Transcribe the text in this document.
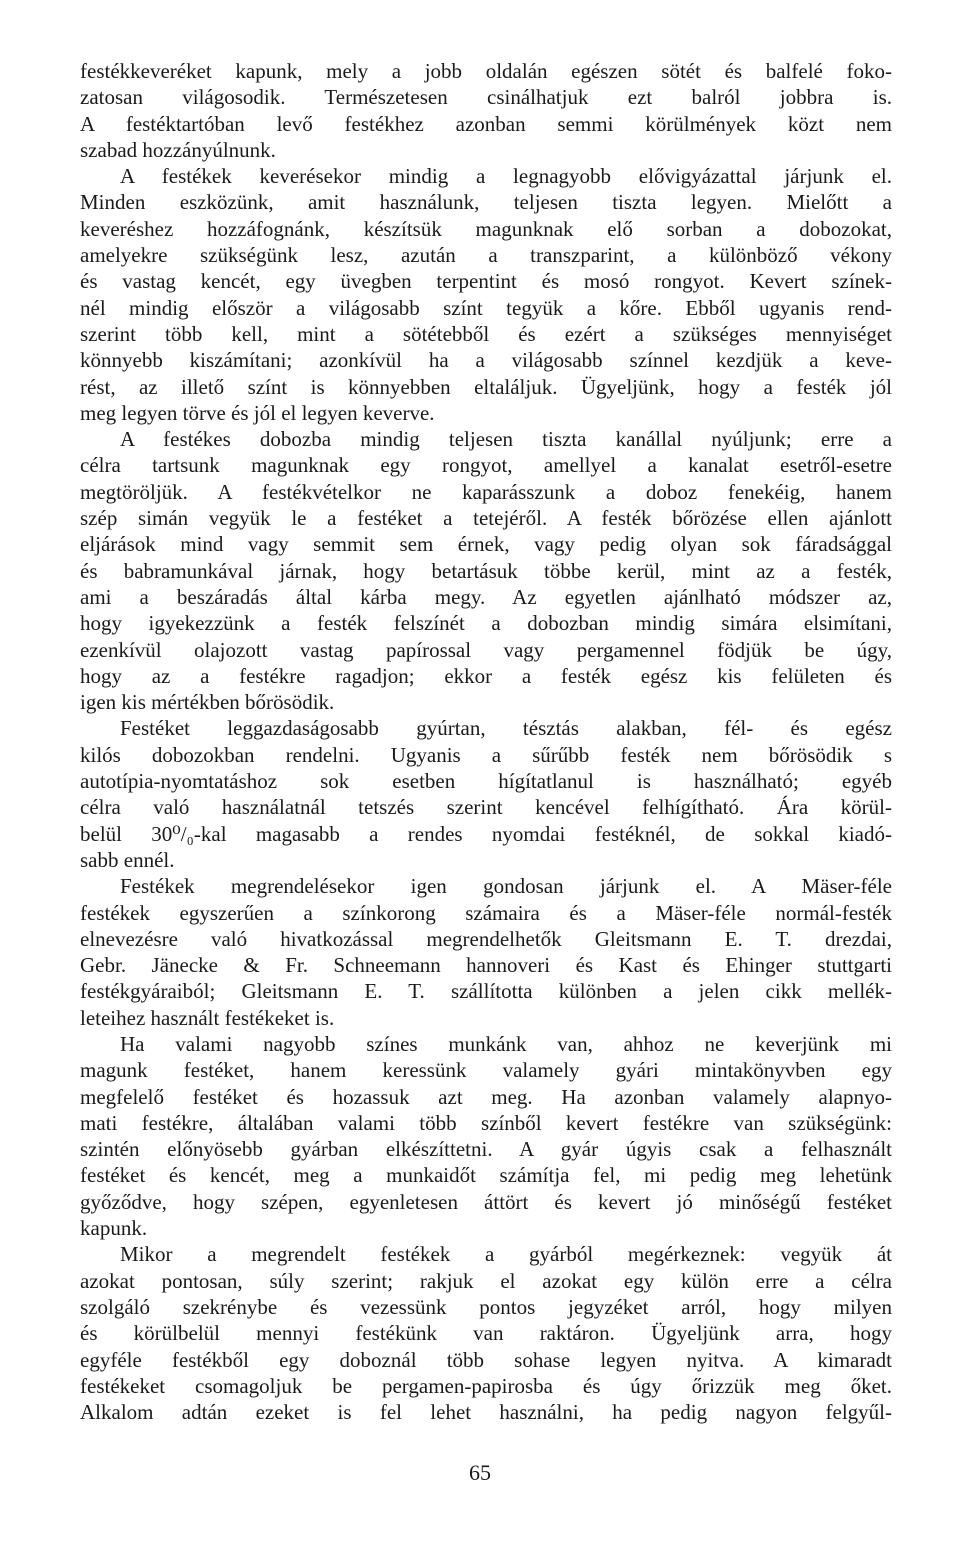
festékkeveréket kapunk, mely a jobb oldalán egészen sötét és balfelé foko-
zatosan világosodik. Természetesen csinálhatjuk ezt balról jobbra is.
A festéktartóban levő festékhez azonban semmi körülmények közt nem
szabad hozzányúlnunk.
A festékek keverésekor mindig a legnagyobb elővigyázattal járjunk el.
Minden eszközünk, amit használunk, teljesen tiszta legyen. Mielőtt a
keveréshez hozzáfognánk, készítsük magunknak elő sorban a dobozokat,
amelyekre szükségünk lesz, azután a transzparint, a különböző vékony
és vastag kencét, egy üvegben terpentint és mosó rongyot. Kevert színek-
nél mindig először a világosabb színt tegyük a kőre. Ebből ugyanis rend-
szerint több kell, mint a sötétebből és ezért a szükséges mennyiséget
könnyebb kiszámítani; azonkívül ha a világosabb színnel kezdjük a keve-
rést, az illető színt is könnyebben eltaláljuk. Ügyeljünk, hogy a festék jól
meg legyen törve és jól el legyen keverve.
A festékes dobozba mindig teljesen tiszta kanállal nyúljunk; erre a
célra tartsunk magunknak egy rongyot, amellyel a kanalat esetről-esetre
megtöröljük. A festékvételkor ne kaparásszunk a doboz fenekéig, hanem
szép simán vegyük le a festéket a tetejéről. A festék bőrözése ellen ajánlott
eljárások mind vagy semmit sem érnek, vagy pedig olyan sok fáradsággal
és babramunkával járnak, hogy betartásuk többe kerül, mint az a festék,
ami a beszáradás által kárba megy. Az egyetlen ajánlható módszer az,
hogy igyekezzünk a festék felszínét a dobozban mindig simára elsimítani,
ezenkívül olajozott vastag papírossal vagy pergamennel födjük be úgy,
hogy az a festékre ragadjon; ekkor a festék egész kis felületen és
igen kis mértékben bőrösödik.
Festéket leggazdaságosabb gyúrtan, tésztás alakban, fél- és egész
kilós dobozokban rendelni. Ugyanis a sűrűbb festék nem bőrösödik s
autotípia-nyomtatáshoz sok esetben hígítatlanul is használható; egyéb
célra való használatnál tetszés szerint kencével felhígítható. Ára körül-
belül 30⁰/₀-kal magasabb a rendes nyomdai festéknél, de sokkal kiadó-
sabb ennél.
Festékek megrendelésekor igen gondosan járjunk el. A Mäser-féle
festékek egyszerűen a színkorong számaira és a Mäser-féle normál-festék
elnevezésre való hivatkozással megrendelhetők Gleitsmann E. T. drezdai,
Gebr. Jänecke & Fr. Schneemann hannoveri és Kast és Ehinger stuttgarti
festékgyáraiból; Gleitsmann E. T. szállította különben a jelen cikk mellék-
leteihez használt festékeket is.
Ha valami nagyobb színes munkánk van, ahhoz ne keverjünk mi
magunk festéket, hanem keressünk valamely gyári mintakönyvben egy
megfelelő festéket és hozassuk azt meg. Ha azonban valamely alapnyo-
mati festékre, általában valami több színből kevert festékre van szükségünk:
szintén előnyösebb gyárban elkészíttetni. A gyár úgyis csak a felhasznált
festéket és kencét, meg a munkaidőt számítja fel, mi pedig meg lehetünk
győződve, hogy szépen, egyenletesen áttört és kevert jó minőségű festéket
kapunk.
Mikor a megrendelt festékek a gyárból megérkeznek: vegyük át
azokat pontosan, súly szerint; rakjuk el azokat egy külön erre a célra
szolgáló szekrénybe és vezessünk pontos jegyzéket arról, hogy milyen
és körülbelül mennyi festékünk van raktáron. Ügyeljünk arra, hogy
egyféle festékből egy doboznál több sohase legyen nyitva. A kimaradt
festékeket csomagoljuk be pergamen-papirosba és úgy őrizzük meg őket.
Alkalom adtán ezeket is fel lehet használni, ha pedig nagyon felgyűl-
65
